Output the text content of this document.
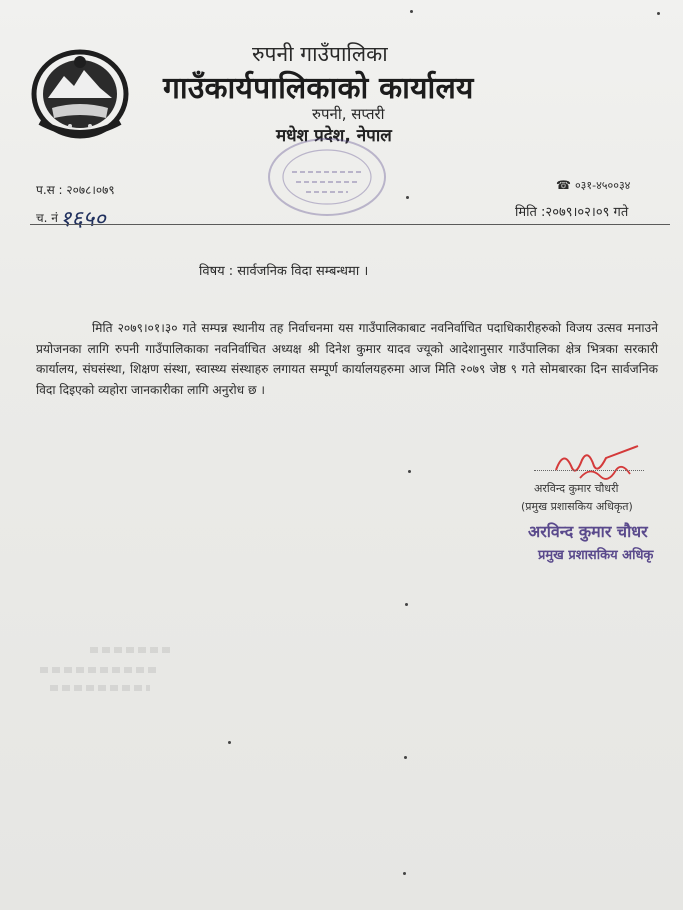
रुपनी गाउँपालिका
गाउँकार्यपालिकाको कार्यालय
रुपनी, सप्तरी
मधेश प्रदेश, नेपाल
प.स : २०७८।०७९	☎ ०३१-४५००३४
च. नं१६५०	मिति :२०७९।०२।०९ गते
विषय : सार्वजनिक विदा सम्बन्धमा ।
मिति २०७९।०१।३० गते सम्पन्न स्थानीय तह निर्वाचनमा यस गाउँपालिकाबाट नवनिर्वाचित पदाधिकारीहरुको विजय उत्सव मनाउने प्रयोजनका लागि रुपनी गाउँपालिकाका नवनिर्वाचित अध्यक्ष श्री दिनेश कुमार यादव ज्यूको आदेशानुसार गाउँपालिका क्षेत्र भित्रका सरकारी कार्यालय, संघसंस्था, शिक्षण संस्था, स्वास्थ्य संस्थाहरु लगायत सम्पूर्ण कार्यालयहरुमा आज मिति २०७९ जेष्ठ ९ गते सोमबारका दिन सार्वजनिक विदा दिइएको व्यहोरा जानकारीका लागि अनुरोध छ ।
अरविन्द कुमार चौधरी
(प्रमुख प्रशासकिय अधिकृत)
अरविन्द कुमार चौधर
प्रमुख प्रशासकिय अधिकृ
